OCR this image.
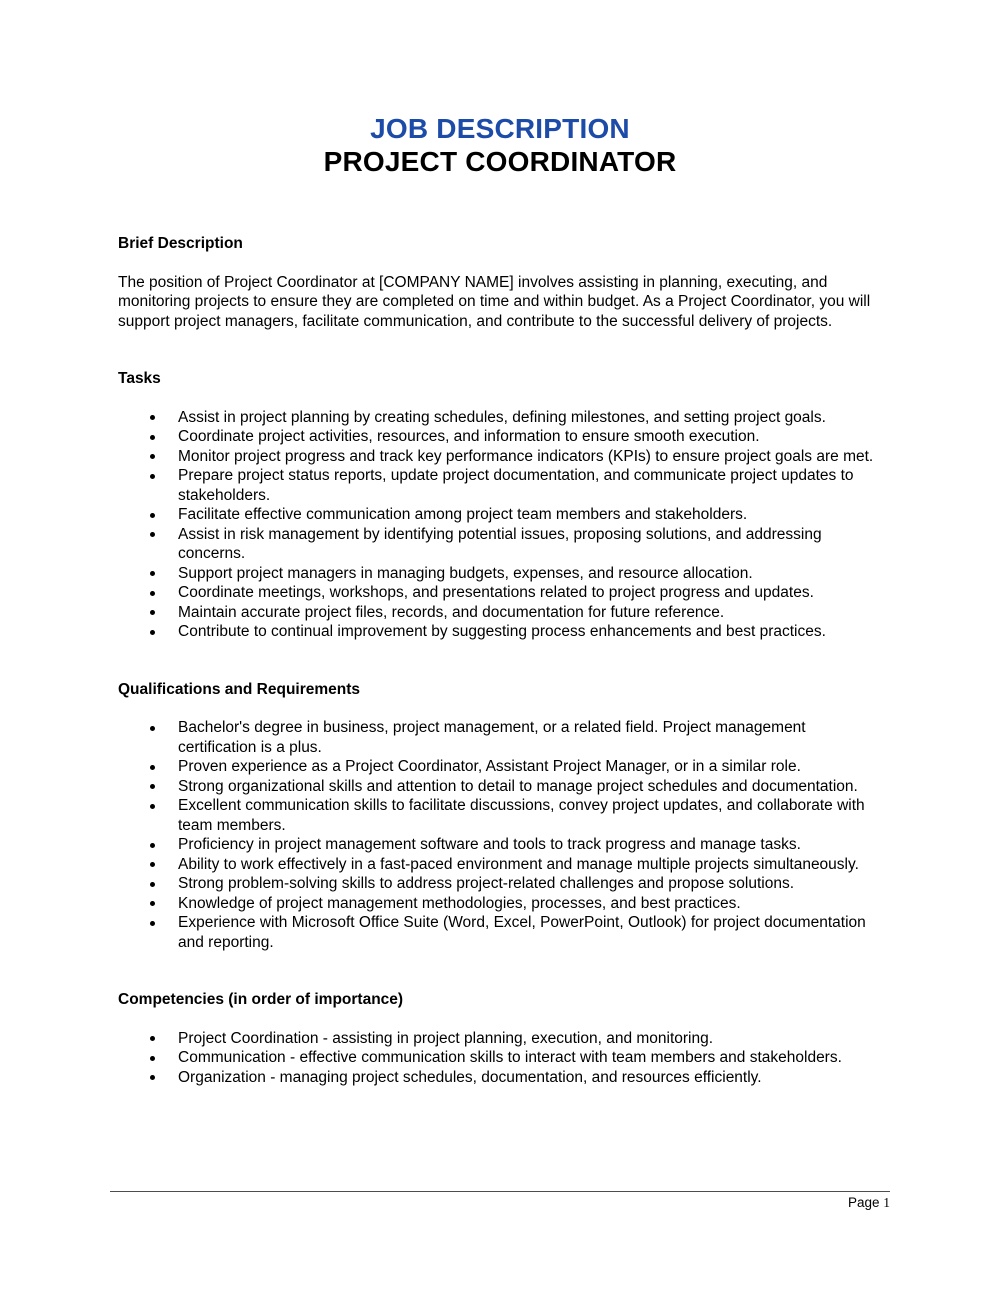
JOB DESCRIPTION
PROJECT COORDINATOR
Brief Description

The position of Project Coordinator at [COMPANY NAME] involves assisting in planning, executing, and monitoring projects to ensure they are completed on time and within budget. As a Project Coordinator, you will support project managers, facilitate communication, and contribute to the successful delivery of projects.

Tasks
Assist in project planning by creating schedules, defining milestones, and setting project goals.
Coordinate project activities, resources, and information to ensure smooth execution.
Monitor project progress and track key performance indicators (KPIs) to ensure project goals are met.
Prepare project status reports, update project documentation, and communicate project updates to stakeholders.
Facilitate effective communication among project team members and stakeholders.
Assist in risk management by identifying potential issues, proposing solutions, and addressing concerns.
Support project managers in managing budgets, expenses, and resource allocation.
Coordinate meetings, workshops, and presentations related to project progress and updates.
Maintain accurate project files, records, and documentation for future reference.
Contribute to continual improvement by suggesting process enhancements and best practices.
Qualifications and Requirements
Bachelor's degree in business, project management, or a related field. Project management certification is a plus.
Proven experience as a Project Coordinator, Assistant Project Manager, or in a similar role.
Strong organizational skills and attention to detail to manage project schedules and documentation.
Excellent communication skills to facilitate discussions, convey project updates, and collaborate with team members.
Proficiency in project management software and tools to track progress and manage tasks.
Ability to work effectively in a fast-paced environment and manage multiple projects simultaneously.
Strong problem-solving skills to address project-related challenges and propose solutions.
Knowledge of project management methodologies, processes, and best practices.
Experience with Microsoft Office Suite (Word, Excel, PowerPoint, Outlook) for project documentation and reporting.
Competencies (in order of importance)
Project Coordination - assisting in project planning, execution, and monitoring.
Communication - effective communication skills to interact with team members and stakeholders.
Organization - managing project schedules, documentation, and resources efficiently.
Page 1
